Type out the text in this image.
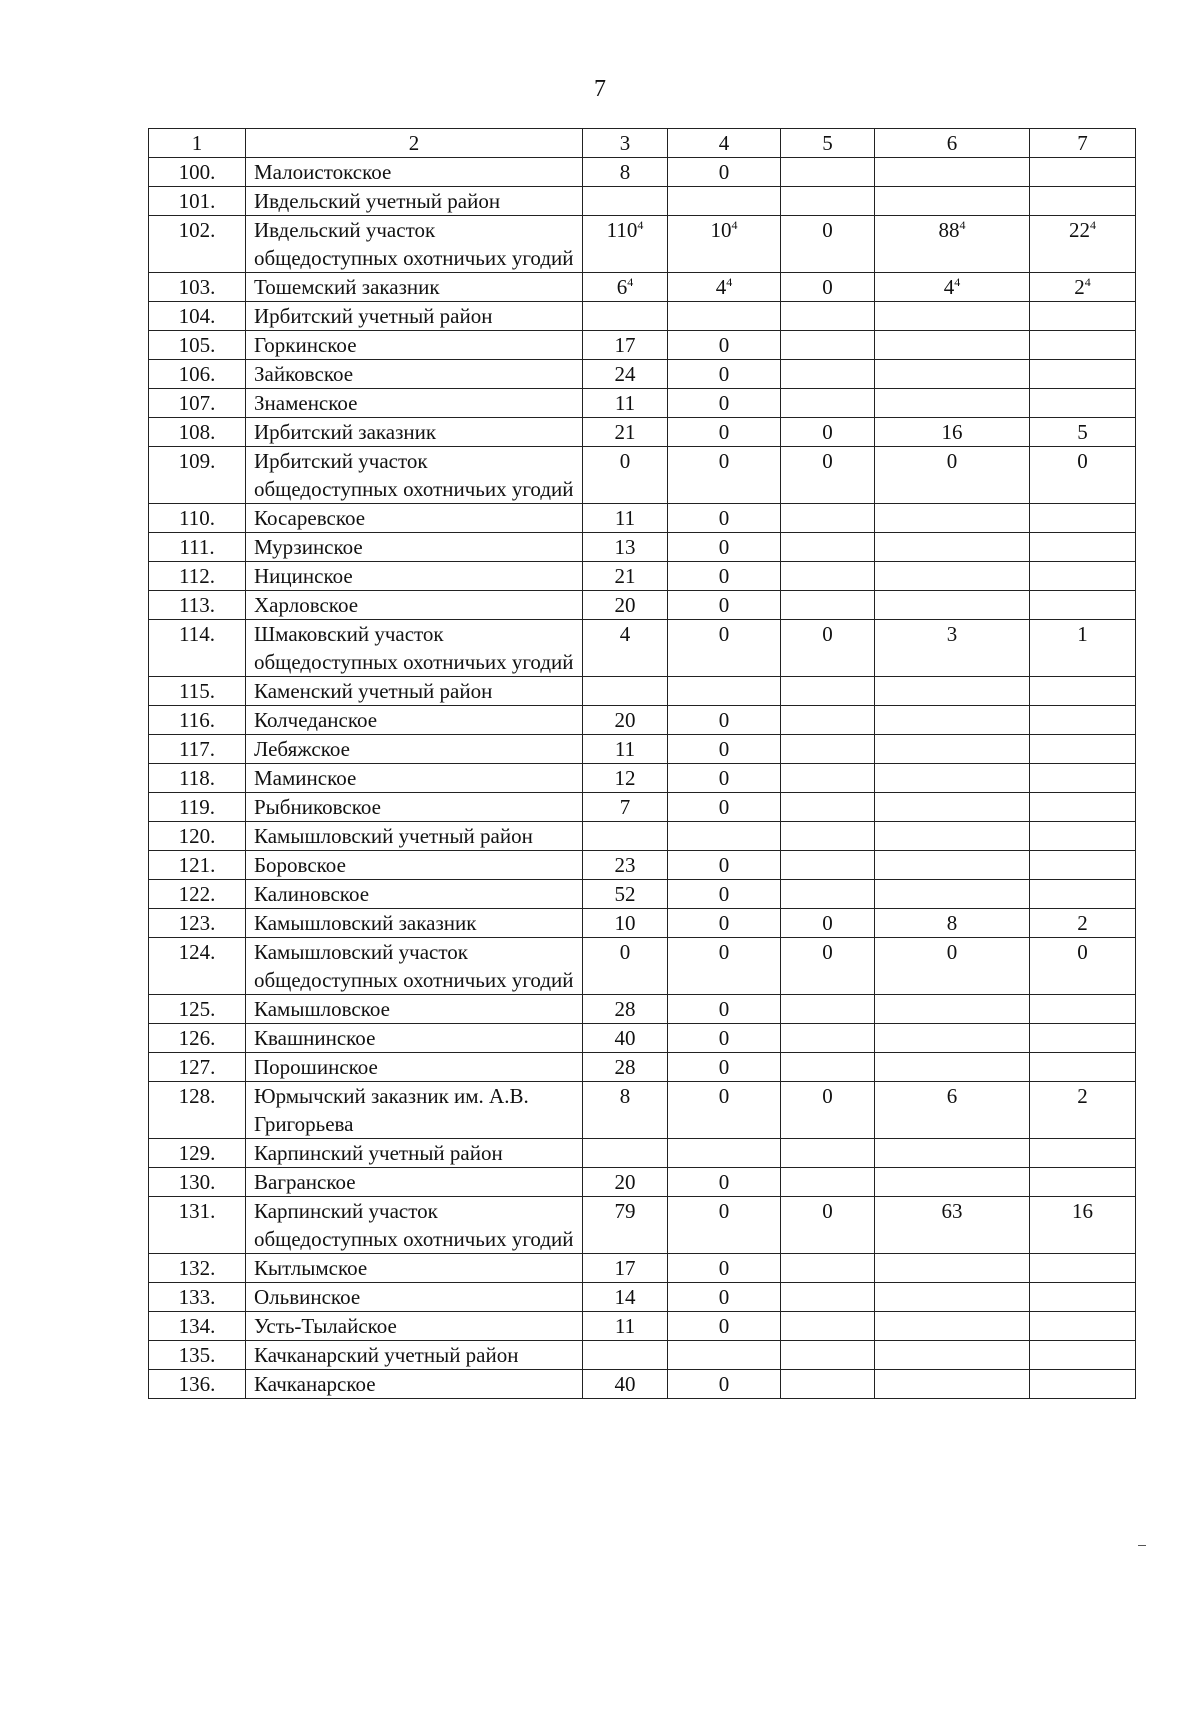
7
1	2	3	4	5	6	7
100.	Малоистокское	8	0			
101.	Ивдельский учетный район					
102.	Ивдельский участок общедоступных охотничьих угодий	$110^4$	$10^4$	0	$88^4$	$22^4$
103.	Тошемский заказник	$6^4$	$4^4$	0	$4^4$	$2^4$
104.	Ирбитский учетный район					
105.	Горкинское	17	0			
106.	Зайковское	24	0			
107.	Знаменское	11	0			
108.	Ирбитский заказник	21	0	0	16	5
109.	Ирбитский участок общедоступных охотничьих угодий	0	0	0	0	0
110.	Косаревское	11	0			
111.	Мурзинское	13	0			
112.	Ницинское	21	0			
113.	Харловское	20	0			
114.	Шмаковский участок общедоступных охотничьих угодий	4	0	0	3	1
115.	Каменский учетный район					
116.	Колчеданское	20	0			
117.	Лебяжское	11	0			
118.	Маминское	12	0			
119.	Рыбниковское	7	0			
120.	Камышловский учетный район					
121.	Боровское	23	0			
122.	Калиновское	52	0			
123.	Камышловский заказник	10	0	0	8	2
124.	Камышловский участок общедоступных охотничьих угодий	0	0	0	0	0
125.	Камышловское	28	0			
126.	Квашнинское	40	0			
127.	Порошинское	28	0			
128.	Юрмычский заказник им. А.В. Григорьева	8	0	0	6	2
129.	Карпинский учетный район					
130.	Вагранское	20	0			
131.	Карпинский участок общедоступных охотничьих угодий	79	0	0	63	16
132.	Кытлымское	17	0			
133.	Ольвинское	14	0			
134.	Усть-Тылайское	11	0			
135.	Качканарский учетный район					
136.	Качканарское	40	0			
